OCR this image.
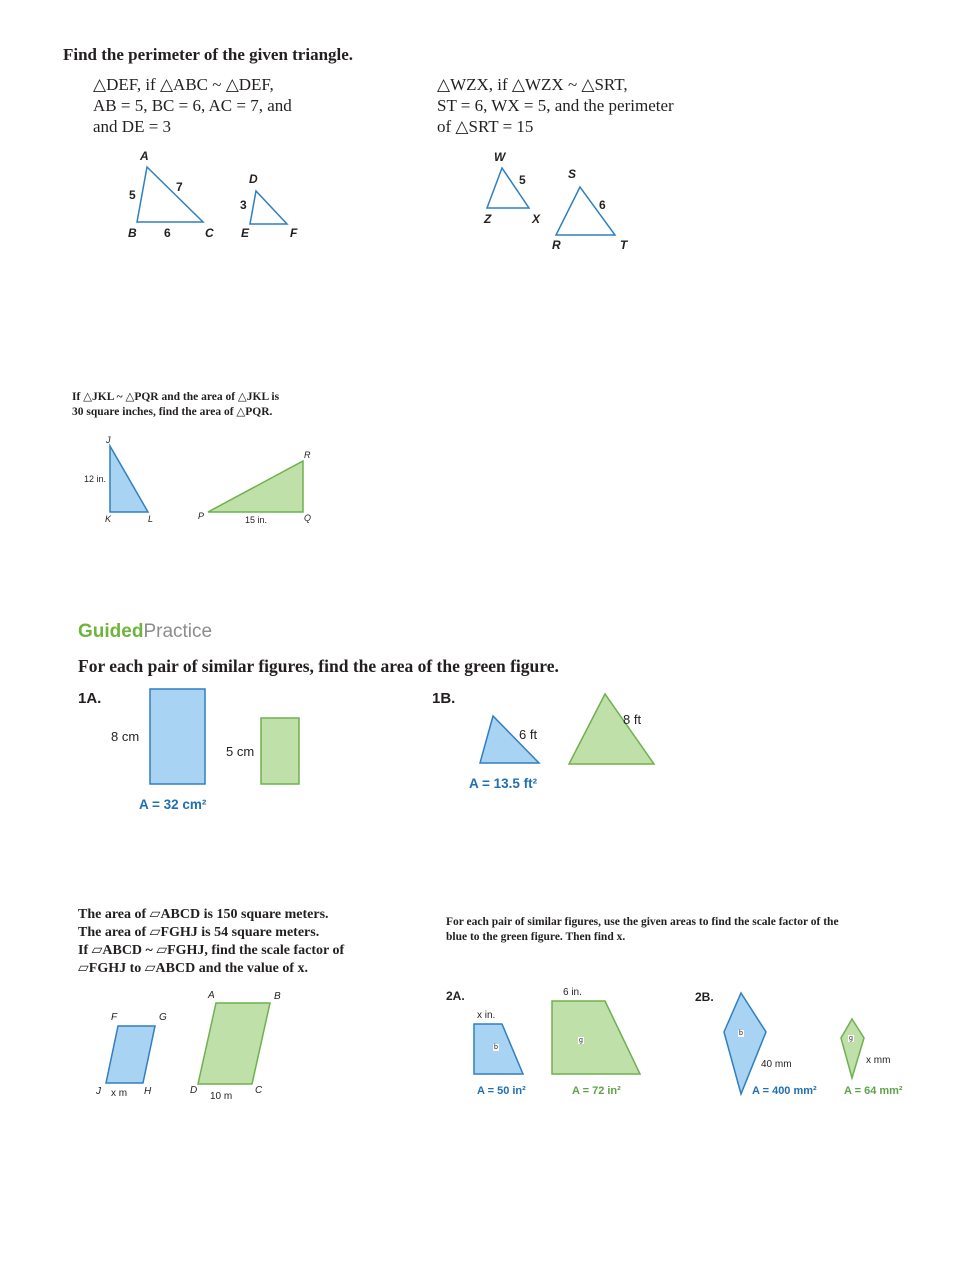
Find the perimeter of the given triangle.
△DEF, if △ABC ~ △DEF,
AB = 5, BC = 6, AC = 7, and
and DE = 3
△WZX, if △WZX ~ △SRT,
ST = 6, WX = 5, and the perimeter
of △SRT = 15
A
B	C
D
E	F
5
7
6
3
W
Z	X
S
R	T
5
6
If △JKL ~ △PQR and the area of △JKL is
30 square inches, find the area of △PQR.
J
K	L	P	Q
R
12 in.
15 in.
GuidedPractice
For each pair of similar figures, find the area of the green figure.
1A.	1B.
8 cm
5 cm
A = 32 cm²
6 ft
8 ft
A = 13.5 ft²
The area of ▱ABCD is 150 square meters.
The area of ▱FGHJ is 54 square meters.
If ▱ABCD ~ ▱FGHJ, find the scale factor of
▱FGHJ to ▱ABCD and the value of x.
F	G
J	H
x m
A	B
D	C
10 m
For each pair of similar figures, use the given areas to find the scale factor of the
blue to the green figure. Then find x.
2A.	2B.
x in.
6 in.
b
g
A = 50 in²	A = 72 in²
b
g
40 mm	x mm
A = 400 mm² A = 64 mm²
